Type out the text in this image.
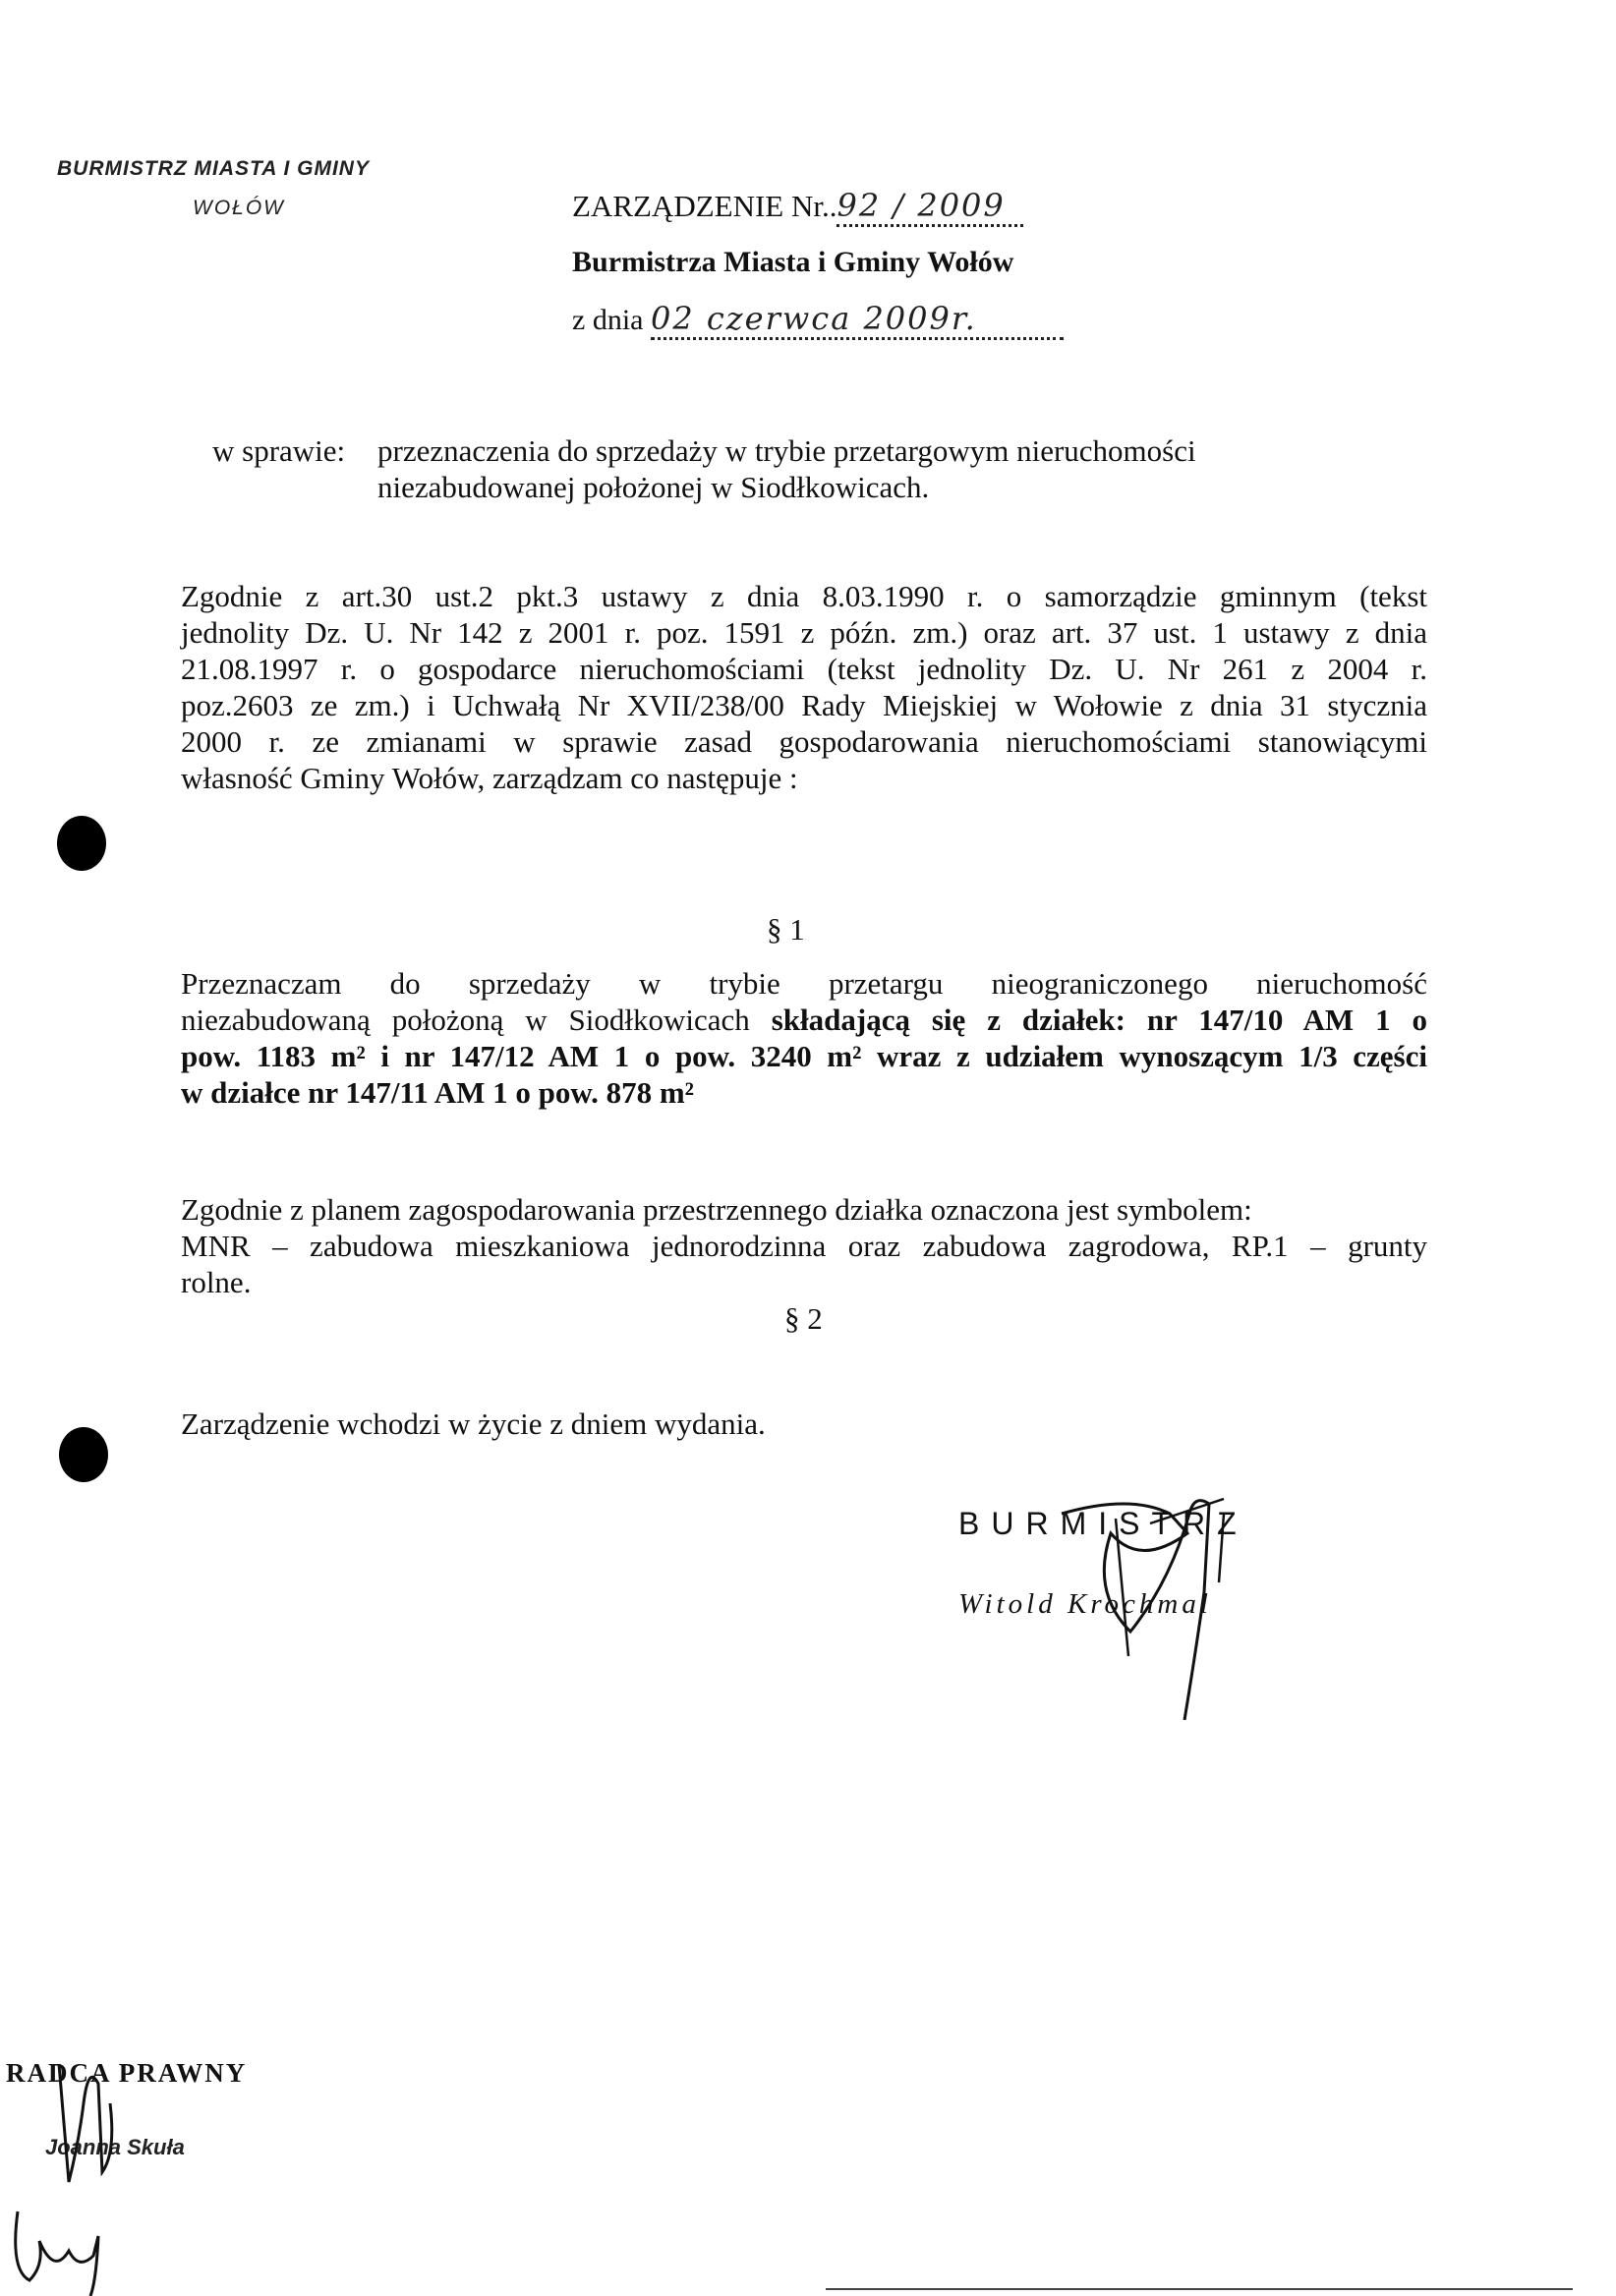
BURMISTRZ MIASTA I GMINY
WOŁÓW	ZARZĄDZENIE Nr..92 / 2009
Burmistrza Miasta i Gminy Wołów
z dnia 02 czerwca 2009r.
w sprawie: przeznaczenia do sprzedaży w trybie przetargowym nieruchomości
niezabudowanej położonej w Siodłkowicach.
Zgodnie z art.30 ust.2 pkt.3 ustawy z dnia 8.03.1990 r. o samorządzie gminnym (tekst
jednolity Dz. U. Nr 142 z 2001 r. poz. 1591 z późn. zm.) oraz art. 37 ust. 1 ustawy z dnia
21.08.1997 r. o gospodarce nieruchomościami (tekst jednolity Dz. U. Nr 261 z 2004 r.
poz.2603 ze zm.) i Uchwałą Nr XVII/238/00 Rady Miejskiej w Wołowie z dnia 31 stycznia
2000 r. ze zmianami w sprawie zasad gospodarowania nieruchomościami stanowiącymi
własność Gminy Wołów, zarządzam co następuje :
§ 1
Przeznaczam do sprzedaży w trybie przetargu nieograniczonego nieruchomość
niezabudowaną położoną w Siodłkowicach składającą się z działek: nr 147/10 AM 1 o
pow. 1183 m² i nr 147/12 AM 1 o pow. 3240 m² wraz z udziałem wynoszącym 1/3 części
w działce nr 147/11 AM 1 o pow. 878 m²
Zgodnie z planem zagospodarowania przestrzennego działka oznaczona jest symbolem:
MNR – zabudowa mieszkaniowa jednorodzinna oraz zabudowa zagrodowa, RP.1 – grunty
rolne.
§ 2
Zarządzenie wchodzi w życie z dniem wydania.
BURMISTRZ
Witold Krochmal
RADCA PRAWNY
Joanna Skuła
